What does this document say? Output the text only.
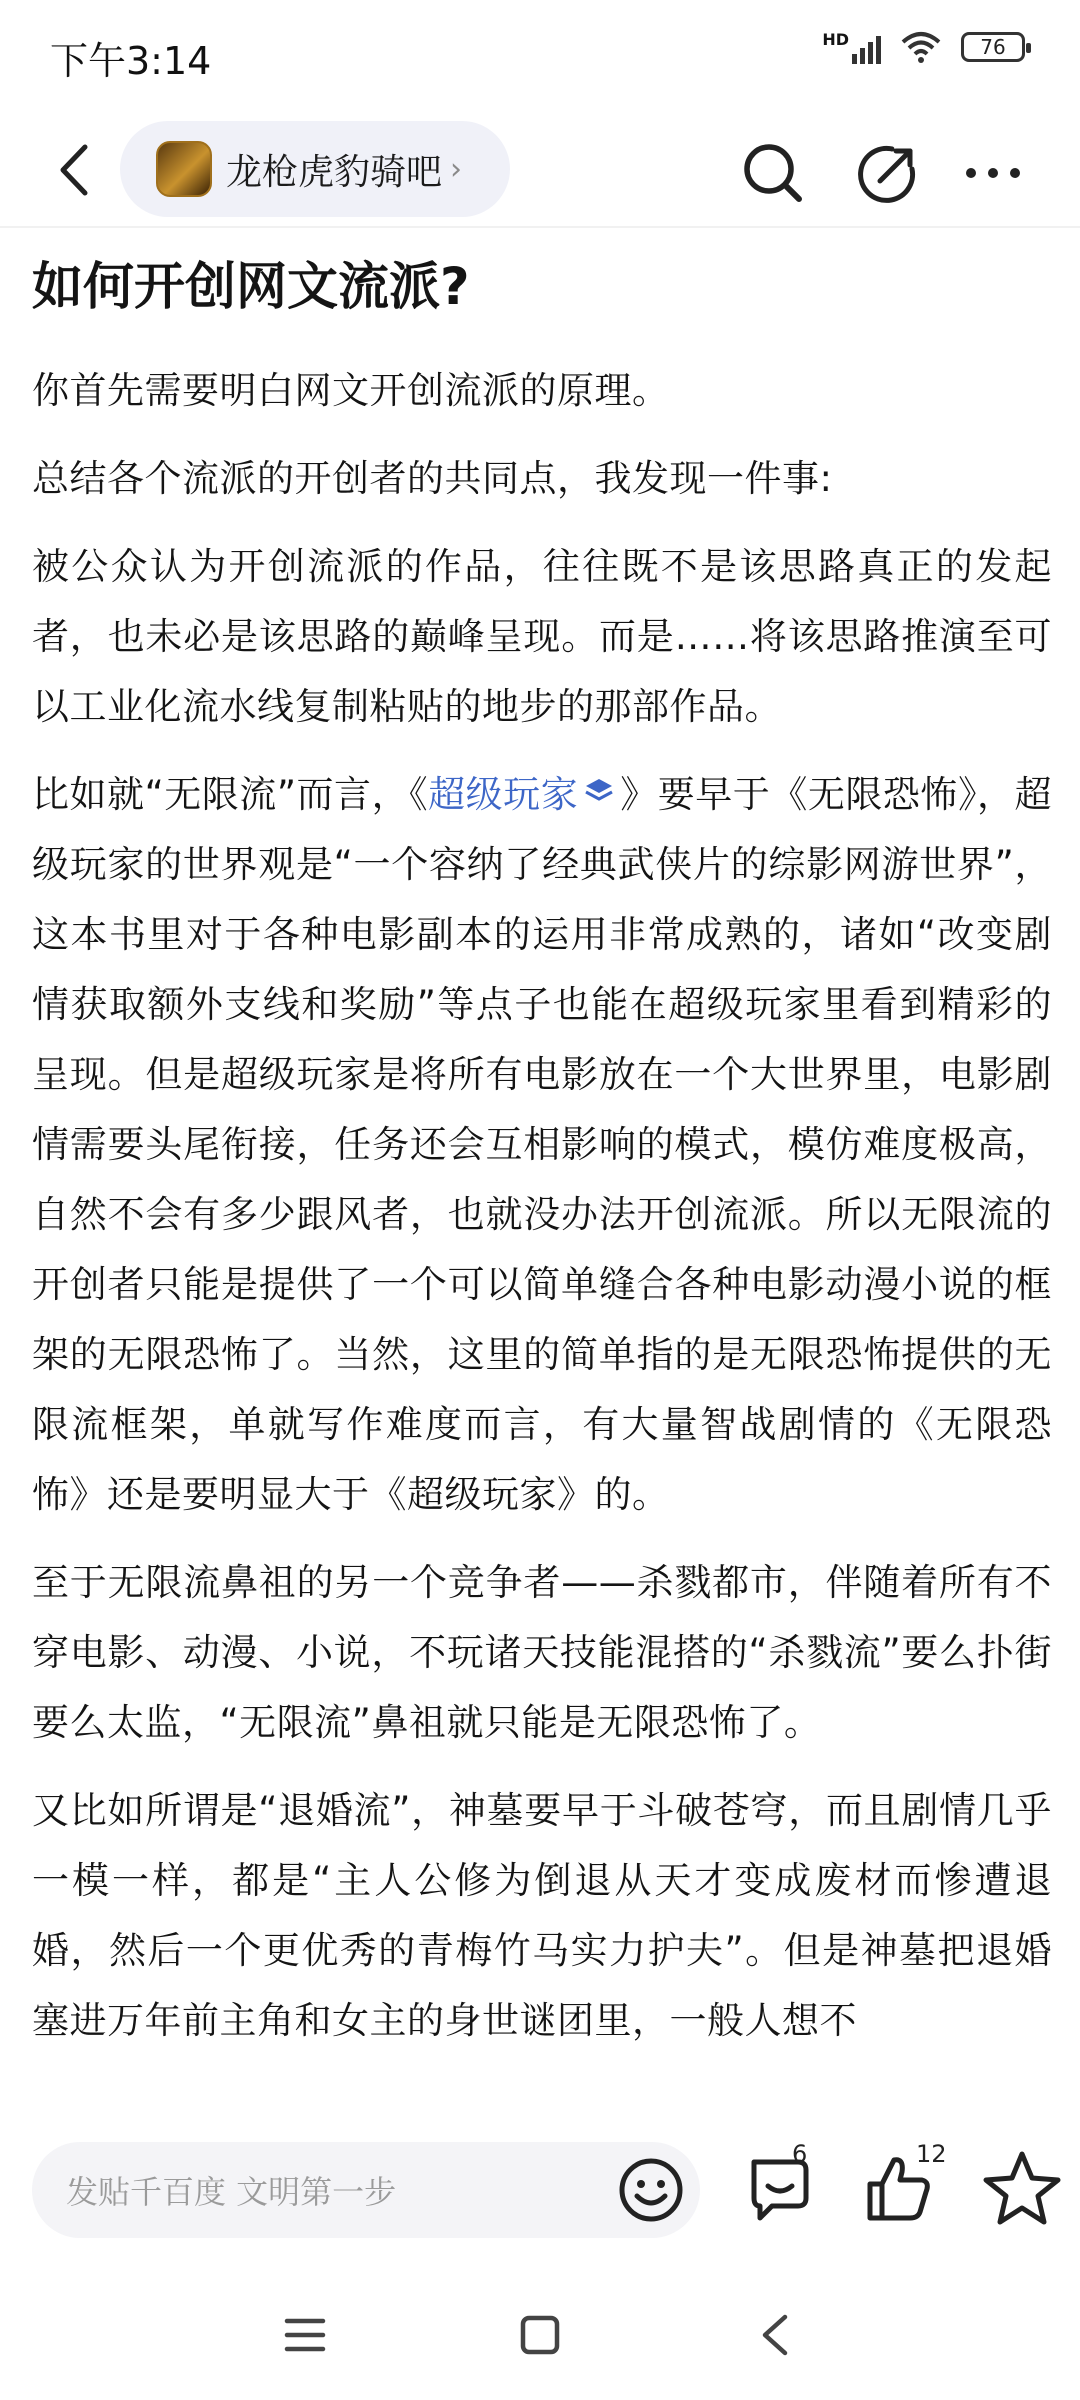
下午3:14	HD	76
龙枪虎豹骑吧 ›
如何开创网文流派?

你首先需要明白网文开创流派的原理。

总结各个流派的开创者的共同点，我发现一件事:

被公众认为开创流派的作品，往往既不是该思路真正的发起者，也未必是该思路的巅峰呈现。而是……将该思路推演至可以工业化流水线复制粘贴的地步的那部作品。

比如就“无限流”而言，《超级玩家 》要早于《无限恐怖》，超级玩家的世界观是“一个容纳了经典武侠片的综影网游世界”，这本书里对于各种电影副本的运用非常成熟的，诸如“改变剧情获取额外支线和奖励”等点子也能在超级玩家里看到精彩的呈现。但是超级玩家是将所有电影放在一个大世界里，电影剧情需要头尾衔接，任务还会互相影响的模式，模仿难度极高，自然不会有多少跟风者，也就没办法开创流派。所以无限流的开创者只能是提供了一个可以简单缝合各种电影动漫小说的框架的无限恐怖了。当然，这里的简单指的是无限恐怖提供的无限流框架，单就写作难度而言，有大量智战剧情的《无限恐怖》还是要明显大于《超级玩家》的。

至于无限流鼻祖的另一个竞争者——杀戮都市，伴随着所有不穿电影、动漫、小说，不玩诸天技能混搭的“杀戮流”要么扑街要么太监，“无限流”鼻祖就只能是无限恐怖了。

又比如所谓是“退婚流”，神墓要早于斗破苍穹，而且剧情几乎一模一样，都是“主人公修为倒退从天才变成废材而惨遭退婚，然后一个更优秀的青梅竹马实力护夫”。但是神墓把退婚塞进万年前主角和女主的身世谜团里，一般人想不

发贴千百度 文明第一步
6	12
